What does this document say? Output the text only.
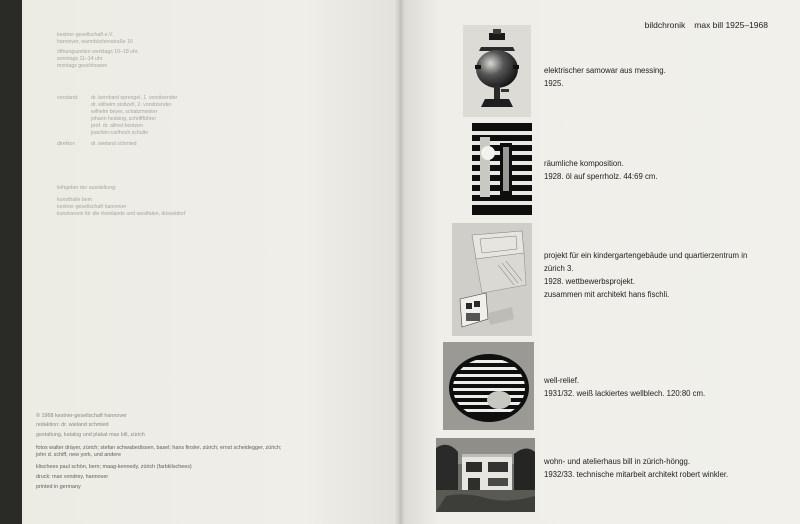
kestner-gesellschaft e.V.
hannover, warmbüchenstraße 16
öffnungszeiten werktags 10–18 uhr,
sonntags 11–14 uhr
montags geschlossen
vorstand: dr. bernhard sprengel, 1. vorsitzender
dr. wilhelm stoltzefi, 2. vorsitzender
wilhelm beyer, schatzmeister
johann hesking, schriftführer
prof. dr. alfred hentzen
joachim-carlhoch schulte
direktor:	dr. wieland schmied
leihgeber der ausstellung:
kunsthalle bern
kestner-gesellschaft hannover
kunstverein für die rheinlande und westfalen, düsseldorf
© 1968 kestner-gesellschaft hannover
redaktion: dr. wieland schmied
gestaltung, katalog und plakat max bill, zürich
fotos walter dräyer, zürich; stefan schwabedissen, basel; hans finsler, zürich; ernst scheidegger, zürich;
john d. schiff, new york, und andere
klischees paul schön, bern; maag-kennedy, zürich (farbklischees)
druck: max vondrey, hannover
printed in germany
bildchronik max bill 1925–1968
elektrischer samowar aus messing.
1925.
räumliche komposition.
1928. öl auf sperrholz. 44:69 cm.
projekt für ein kindergartengebäude und quartierzentrum in
zürich 3.
1928. wettbewerbsprojekt.
zusammen mit architekt hans fischli.
well-relief.
1931/32. weiß lackiertes wellblech. 120:80 cm.
wohn- und atelierhaus bill in zürich-höngg.
1932/33. technische mitarbeit architekt robert winkler.
